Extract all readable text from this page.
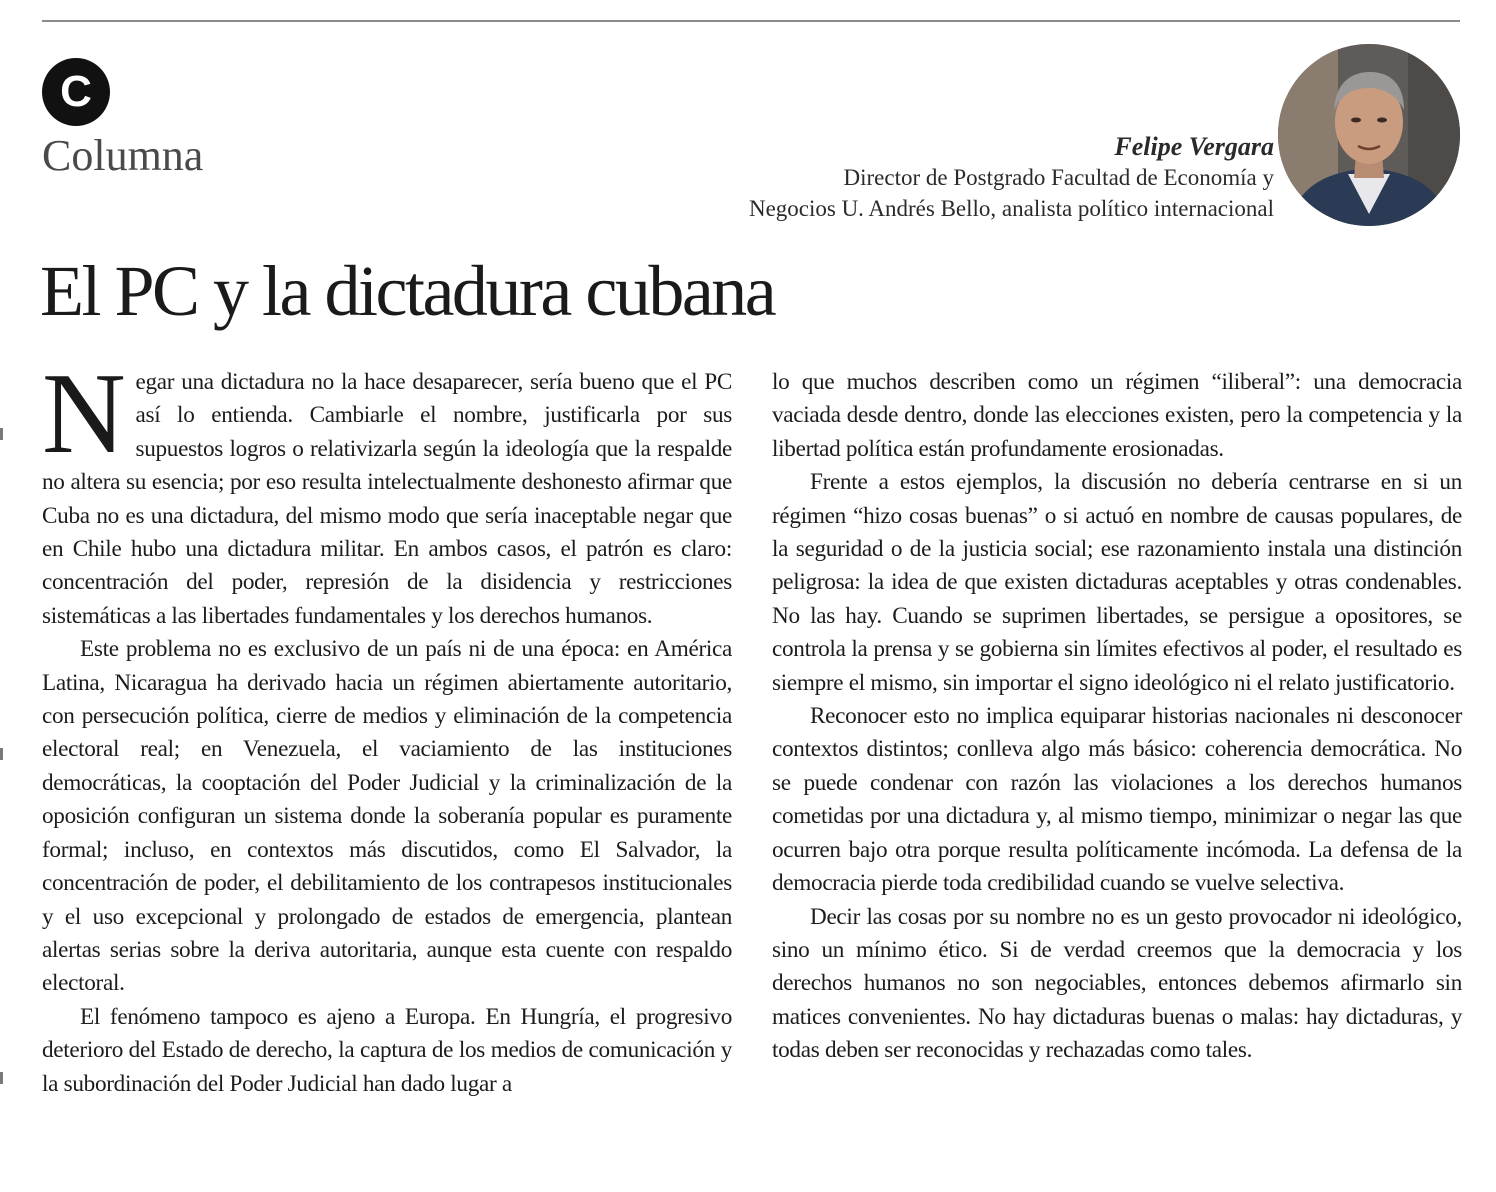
C
Columna	Felipe Vergara
Director de Postgrado Facultad de Economía y
Negocios U. Andrés Bello, analista político internacional
El PC y la dictadura cubana

Negar una dictadura no la hace desaparecer, sería bueno que el PC así lo entienda. Cambiarle el nombre, justificarla por sus supuestos logros o relativizarla según la ideología que la respalde no altera su esencia; por eso resulta intelectualmente deshonesto afirmar que Cuba no es una dictadura, del mismo modo que sería inaceptable negar que en Chile hubo una dictadura militar. En ambos casos, el patrón es claro: concentración del poder, represión de la disidencia y restricciones sistemáticas a las libertades fundamentales y los derechos humanos.

Este problema no es exclusivo de un país ni de una época: en América Latina, Nicaragua ha derivado hacia un régimen abiertamente autoritario, con persecución política, cierre de medios y eliminación de la competencia electoral real; en Venezuela, el vaciamiento de las instituciones democráticas, la cooptación del Poder Judicial y la criminalización de la oposición configuran un sistema donde la soberanía popular es puramente formal; incluso, en contextos más discutidos, como El Salvador, la concentración de poder, el debilitamiento de los contrapesos institucionales y el uso excepcional y prolongado de estados de emergencia, plantean alertas serias sobre la deriva autoritaria, aunque esta cuente con respaldo electoral.

El fenómeno tampoco es ajeno a Europa. En Hungría, el progresivo deterioro del Estado de derecho, la captura de los medios de comunicación y la subordinación del Poder Judicial han dado lugar a

lo que muchos describen como un régimen “iliberal”: una democracia vaciada desde dentro, donde las elecciones existen, pero la competencia y la libertad política están profundamente erosionadas.

Frente a estos ejemplos, la discusión no debería centrarse en si un régimen “hizo cosas buenas” o si actuó en nombre de causas populares, de la seguridad o de la justicia social; ese razonamiento instala una distinción peligrosa: la idea de que existen dictaduras aceptables y otras condenables. No las hay. Cuando se suprimen libertades, se persigue a opositores, se controla la prensa y se gobierna sin límites efectivos al poder, el resultado es siempre el mismo, sin importar el signo ideológico ni el relato justificatorio.

Reconocer esto no implica equiparar historias nacionales ni desconocer contextos distintos; conlleva algo más básico: coherencia democrática. No se puede condenar con razón las violaciones a los derechos humanos cometidas por una dictadura y, al mismo tiempo, minimizar o negar las que ocurren bajo otra porque resulta políticamente incómoda. La defensa de la democracia pierde toda credibilidad cuando se vuelve selectiva.

Decir las cosas por su nombre no es un gesto provocador ni ideológico, sino un mínimo ético. Si de verdad creemos que la democracia y los derechos humanos no son negociables, entonces debemos afirmarlo sin matices convenientes. No hay dictaduras buenas o malas: hay dictaduras, y todas deben ser reconocidas y rechazadas como tales.
